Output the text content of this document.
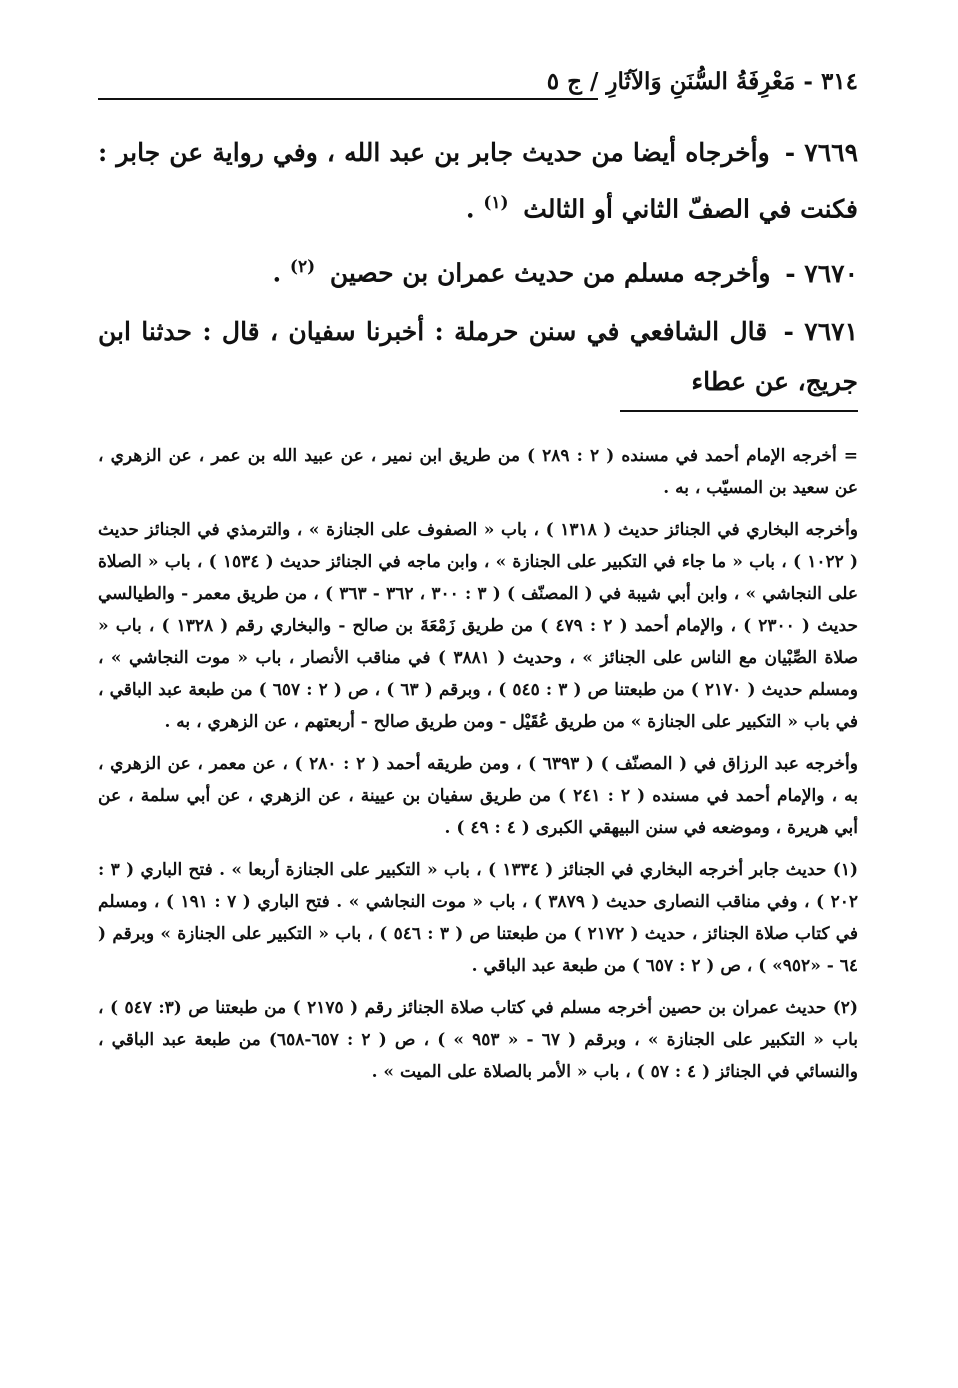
٣١٤ - مَعْرِفَةُ السُّنَنِ وَالآثَارِ / ج ٥

٧٦٦٩ - وأخرجاه أيضا من حديث جابر بن عبد الله ، وفي رواية عن جابر : فكنت في الصفّ الثاني أو الثالث $^{(١)}$ .

٧٦٧٠ - وأخرجه مسلم من حديث عمران بن حصين $^{(٢)}$ .

٧٦٧١ - قال الشافعي في سنن حرملة : أخبرنا سفيان ، قال : حدثنا ابن جريج، عن عطاء

= أخرجه الإمام أحمد في مسنده ( ٢ : ٢٨٩ ) من طريق ابن نمير ، عن عبيد الله بن عمر ، عن الزهري ، عن سعيد بن المسيّب ، به .

وأخرجه البخاري في الجنائز حديث ( ١٣١٨ ) ، باب « الصفوف على الجنازة » ، والترمذي في الجنائز حديث ( ١٠٢٢ ) ، باب « ما جاء في التكبير على الجنازة » ، وابن ماجه في الجنائز حديث ( ١٥٣٤ ) ، باب « الصلاة على النجاشي » ، وابن أبي شيبة في ( المصنّف ) ( ٣ : ٣٠٠ ، ٣٦٢ - ٣٦٣ ) ، من طريق معمر - والطيالسي حديث ( ٢٣٠٠ ) ، والإمام أحمد ( ٢ : ٤٧٩ ) من طريق زَمْعَةَ بن صالح - والبخاري رقم ( ١٣٢٨ ) ، باب « صلاة الصِّبْيان مع الناس على الجنائز » ، وحديث ( ٣٨٨١ ) في مناقب الأنصار ، باب « موت النجاشي » ، ومسلم حديث ( ٢١٧٠ ) من طبعتنا ص ( ٣ : ٥٤٥ ) ، وبرقم ( ٦٣ ) ، ص ( ٢ : ٦٥٧ ) من طبعة عبد الباقي ، في باب « التكبير على الجنازة » من طريق عُقَيْل - ومن طريق صالح - أربعتهم ، عن الزهري ، به .

وأخرجه عبد الرزاق في ( المصنّف ) ( ٦٣٩٣ ) ، ومن طريقه أحمد ( ٢ : ٢٨٠ ) ، عن معمر ، عن الزهري ، به ، والإمام أحمد في مسنده ( ٢ : ٢٤١ ) من طريق سفيان بن عيينة ، عن الزهري ، عن أبي سلمة ، عن أبي هريرة ، وموضعه في سنن البيهقي الكبرى ( ٤ : ٤٩ ) .

(١) حديث جابر أخرجه البخاري في الجنائز ( ١٣٣٤ ) ، باب « التكبير على الجنازة أربعا » . فتح الباري ( ٣ : ٢٠٢ ) ، وفي مناقب النصارى حديث ( ٣٨٧٩ ) ، باب « موت النجاشي » . فتح الباري ( ٧ : ١٩١ ) ، ومسلم في كتاب صلاة الجنائز ، حديث ( ٢١٧٢ ) من طبعتنا ص ( ٣ : ٥٤٦ ) ، باب « التكبير على الجنازة » وبرقم ( ٦٤ - «٩٥٢» ) ، ص ( ٢ : ٦٥٧ ) من طبعة عبد الباقي .

(٢) حديث عمران بن حصين أخرجه مسلم في كتاب صلاة الجنائز رقم ( ٢١٧٥ ) من طبعتنا ص (٣: ٥٤٧ ) ، باب « التكبير على الجنازة » ، وبرقم ( ٦٧ - « ٩٥٣ » ) ، ص ( ٢ : ٦٥٧-٦٥٨) من طبعة عبد الباقي ، والنسائي في الجنائز ( ٤ : ٥٧ ) ، باب « الأمر بالصلاة على الميت » .
